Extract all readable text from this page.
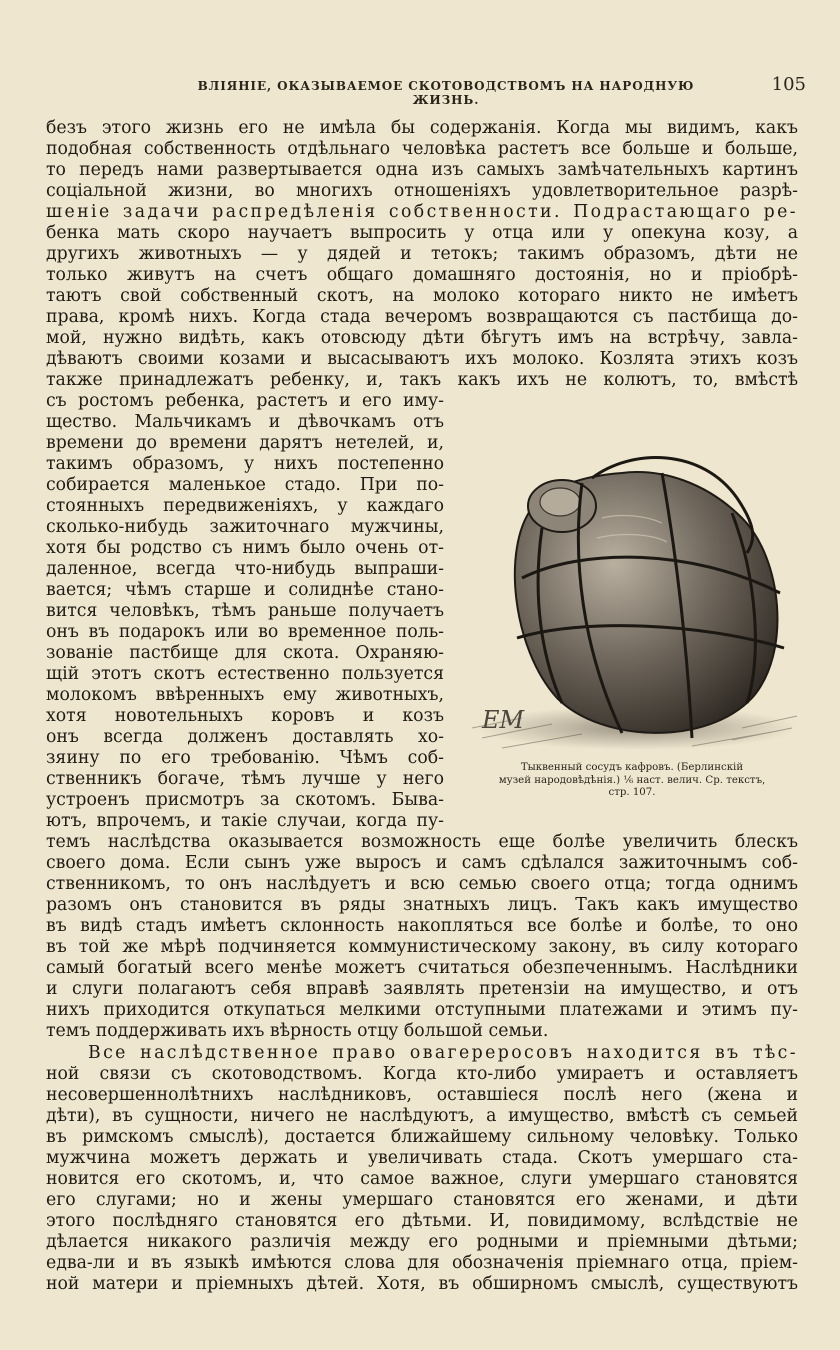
ВЛІЯНІЕ, ОКАЗЫВАЕМОЕ СКОТОВОДСТВОМЪ НА НАРОДНУЮ ЖИЗНЬ.
105
безъ этого жизнь его не имѣла бы содержанія. Когда мы видимъ, какъ
подобная собственность отдѣльнаго человѣка растетъ все больше и больше,
то передъ нами развертывается одна изъ самыхъ замѣчательныхъ картинъ
соціальной жизни, во многихъ отношеніяхъ удовлетворительное разрѣ-
шеніе задачи распредѣленія собственности. Подрастающаго ре-
бенка мать скоро научаетъ выпросить у отца или у опекуна козу, а
другихъ животныхъ — у дядей и тетокъ; такимъ образомъ, дѣти не
только живутъ на счетъ общаго домашняго достоянія, но и пріобрѣ-
таютъ свой собственный скотъ, на молоко котораго никто не имѣетъ
права, кромѣ нихъ. Когда стада вечеромъ возвращаются съ пастбища до-
мой, нужно видѣть, какъ отовсюду дѣти бѣгутъ имъ на встрѣчу, завла-
дѣваютъ своими козами и высасываютъ ихъ молоко. Козлята этихъ козъ
также принадлежатъ ребенку, и, такъ какъ ихъ не колютъ, то, вмѣстѣ
съ ростомъ ребенка, растетъ и его иму-
щество. Мальчикамъ и дѣвочкамъ отъ
времени до времени дарятъ нетелей, и,
такимъ образомъ, у нихъ постепенно
собирается маленькое стадо. При по-
стоянныхъ передвиженіяхъ, у каждаго
сколько-нибудь зажиточнаго мужчины,
хотя бы родство съ нимъ было очень от-
даленное, всегда что-нибудь выпраши-
вается; чѣмъ старше и солиднѣе стано-
вится человѣкъ, тѣмъ раньше получаетъ
онъ въ подарокъ или во временное поль-
зованіе пастбище для скота. Охраняю-
щій этотъ скотъ естественно пользуется
молокомъ ввѣренныхъ ему животныхъ,
хотя новотельныхъ коровъ и козъ
онъ всегда долженъ доставлять хо-
зяину по его требованію. Чѣмъ соб-
ственникъ богаче, тѣмъ лучше у него
устроенъ присмотръ за скотомъ. Быва-
ютъ, впрочемъ, и такіе случаи, когда пу-
ЕМ
Тыквенный сосудъ кафровъ. (Берлинскій
музей народовѣдѣнія.) ⅙ наст. велич. Ср. текстъ,
стр. 107.
темъ наслѣдства оказывается возможность еще болѣе увеличить блескъ
своего дома. Если сынъ уже выросъ и самъ сдѣлался зажиточнымъ соб-
ственникомъ, то онъ наслѣдуетъ и всю семью своего отца; тогда однимъ
разомъ онъ становится въ ряды знатныхъ лицъ. Такъ какъ имущество
въ видѣ стадъ имѣетъ склонность накопляться все болѣе и болѣе, то оно
въ той же мѣрѣ подчиняется коммунистическому закону, въ силу котораго
самый богатый всего менѣе можетъ считаться обезпеченнымъ. Наслѣдники
и слуги полагаютъ себя вправѣ заявлять претензіи на имущество, и отъ
нихъ приходится откупаться мелкими отступными платежами и этимъ пу-
темъ поддерживать ихъ вѣрность отцу большой семьи.
Все наслѣдственное право овагереросовъ находится въ тѣс-
ной связи съ скотоводствомъ. Когда кто-либо умираетъ и оставляетъ
несовершеннолѣтнихъ наслѣдниковъ, оставшіеся послѣ него (жена и
дѣти), въ сущности, ничего не наслѣдуютъ, а имущество, вмѣстѣ съ семьей
въ римскомъ смыслѣ), достается ближайшему сильному человѣку. Только
мужчина можетъ держать и увеличивать стада. Скотъ умершаго ста-
новится его скотомъ, и, что самое важное, слуги умершаго становятся
его слугами; но и жены умершаго становятся его женами, и дѣти
этого послѣдняго становятся его дѣтьми. И, повидимому, вслѣдствіе не
дѣлается никакого различія между его родными и пріемными дѣтьми;
едва-ли и въ языкѣ имѣются слова для обозначенія пріемнаго отца, пріем-
ной матери и пріемныхъ дѣтей. Хотя, въ обширномъ смыслѣ, существуютъ
